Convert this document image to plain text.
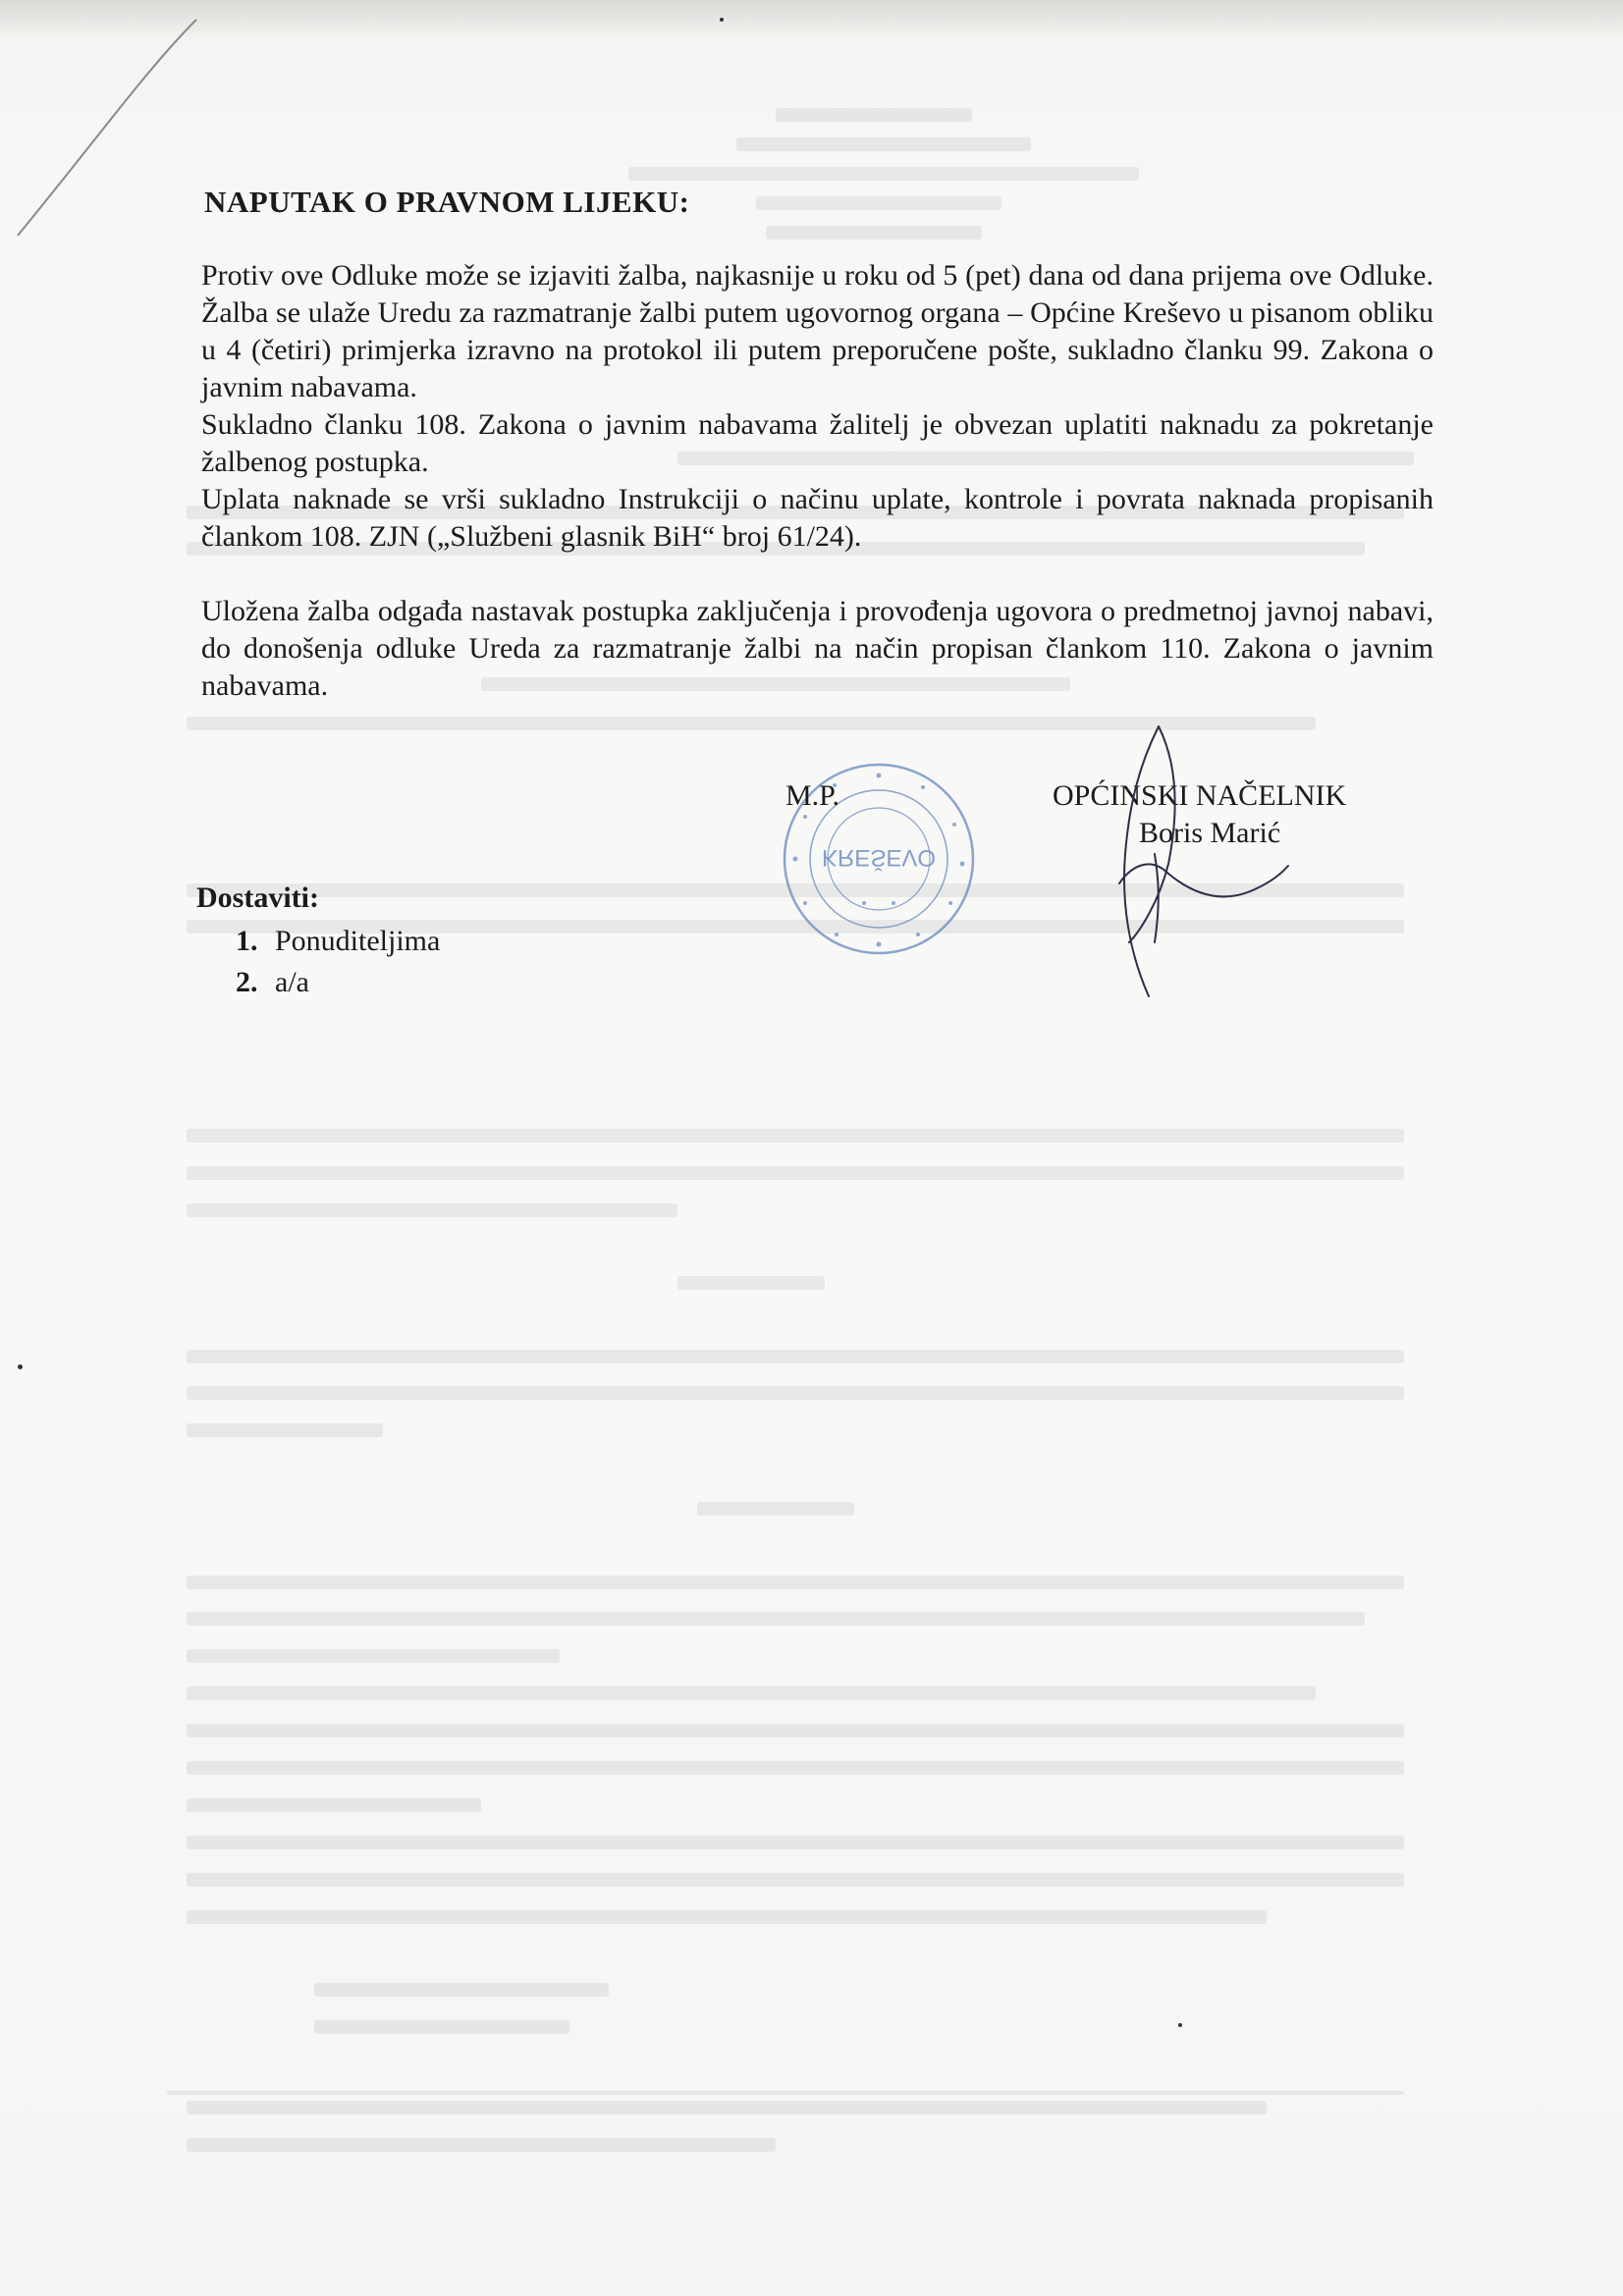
NAPUTAK O PRAVNOM LIJEKU:

Protiv ove Odluke može se izjaviti žalba, najkasnije u roku od 5 (pet) dana od dana prijema ove Odluke. Žalba se ulaže Uredu za razmatranje žalbi putem ugovornog organa – Općine Kreševo u pisanom obliku u 4 (četiri) primjerka izravno na protokol ili putem preporučene pošte, sukladno članku 99. Zakona o javnim nabavama.

Sukladno članku 108. Zakona o javnim nabavama žalitelj je obvezan uplatiti naknadu za pokretanje žalbenog postupka.

Uplata naknade se vrši sukladno Instrukciji o načinu uplate, kontrole i povrata naknada propisanih člankom 108. ZJN („Službeni glasnik BiH“ broj 61/24).

Uložena žalba odgađa nastavak postupka zaključenja i provođenja ugovora o predmetnoj javnoj nabavi, do donošenja odluke Ureda za razmatranje žalbi na način propisan člankom 110. Zakona o javnim nabavama.

KREŠEVO
M.P.	OPĆINSKI NAČELNIK
Boris Marić
Dostaviti:
1. Ponuditeljima
2. a/a
